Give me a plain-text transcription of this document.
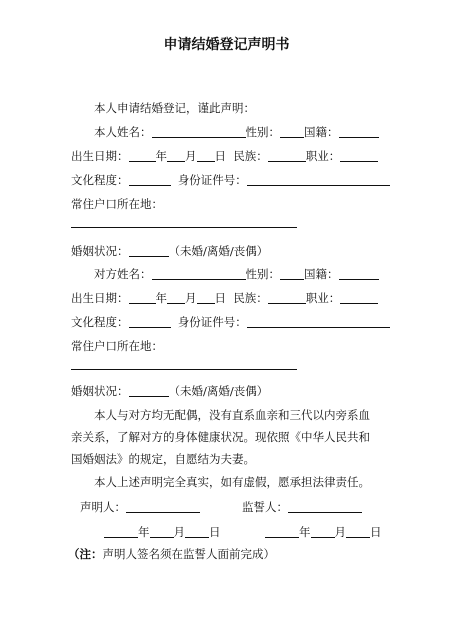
申请结婚登记声明书
本人申请结婚登记，谨此声明：
本人姓名：	性别： 国籍：
出生日期： 年 月 日 民族：	职业：
文化程度：	身份证件号：
常住户口所在地：
婚姻状况：	（未婚/离婚/丧偶）
对方姓名：	性别： 国籍：
出生日期： 年 月 日 民族：	职业：
文化程度：	身份证件号：
常住户口所在地：
婚姻状况：	（未婚/离婚/丧偶）
本人与对方均无配偶，没有直系血亲和三代以内旁系血
亲关系，了解对方的身体健康状况。现依照《中华人民共和
国婚姻法》的规定，自愿结为夫妻。
本人上述声明完全真实，如有虚假，愿承担法律责任。
声明人：	监誓人：
年 月 日	年 月 日
（注：声明人签名须在监誓人面前完成）
